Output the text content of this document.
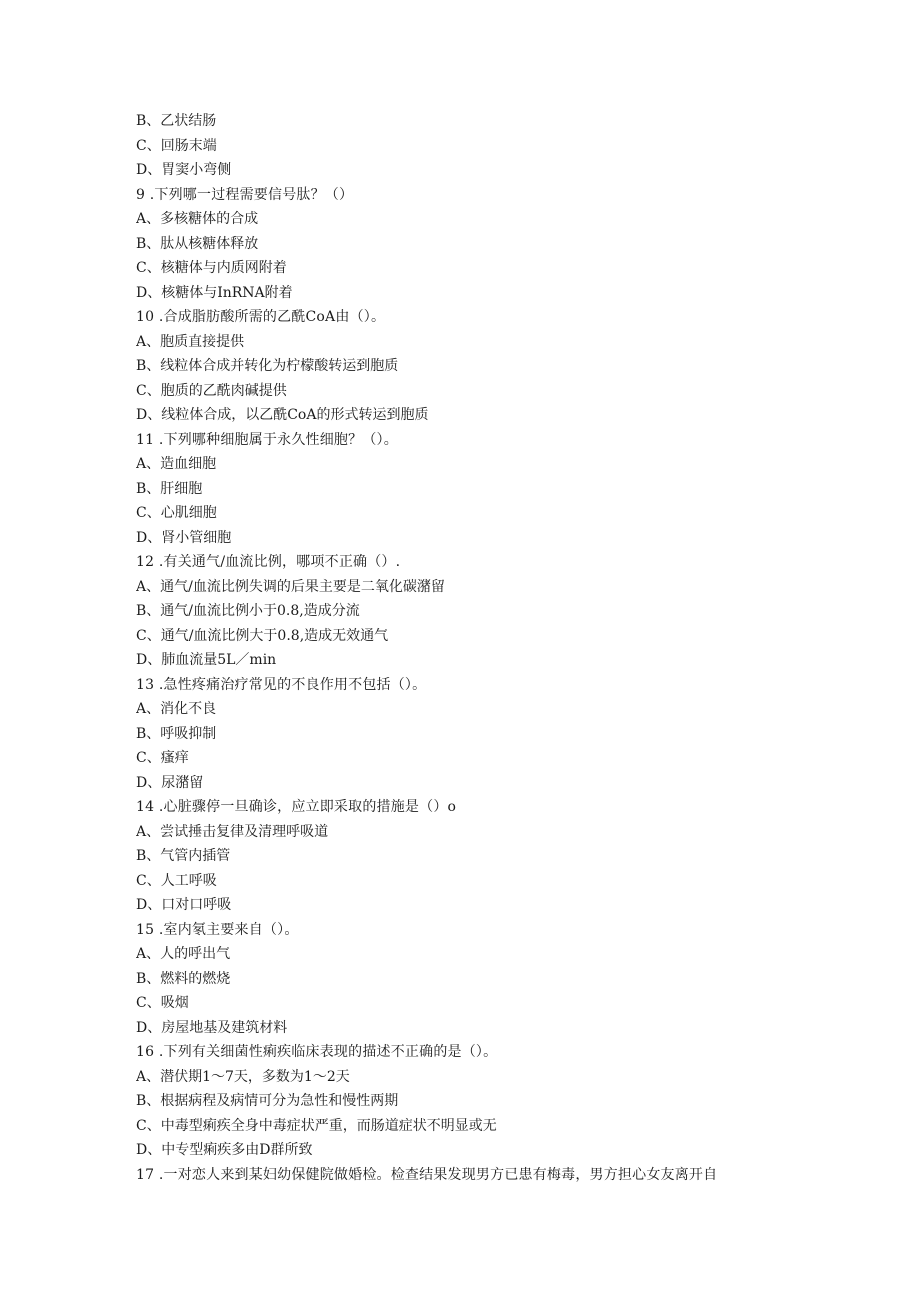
B、乙状结肠
C、回肠末端
D、胃窦小弯侧
9 .下列哪一过程需要信号肽？（）
A、多核糖体的合成
B、肽从核糖体释放
C、核糖体与内质网附着
D、核糖体与InRNA附着
10 .合成脂肪酸所需的乙酰CoA由（）。
A、胞质直接提供
B、线粒体合成并转化为柠檬酸转运到胞质
C、胞质的乙酰肉碱提供
D、线粒体合成，以乙酰CoA的形式转运到胞质
11 .下列哪种细胞属于永久性细胞？（）。
A、造血细胞
B、肝细胞
C、心肌细胞
D、肾小管细胞
12 .有关通气/血流比例，哪项不正确（）.
A、通气/血流比例失调的后果主要是二氧化碳潴留
B、通气/血流比例小于0.8,造成分流
C、通气/血流比例大于0.8,造成无效通气
D、肺血流量5L／min
13 .急性疼痛治疗常见的不良作用不包括（）。
A、消化不良
B、呼吸抑制
C、瘙痒
D、尿潴留
14 .心脏骤停一旦确诊，应立即采取的措施是（）o
A、尝试捶击复律及清理呼吸道
B、气管内插管
C、人工呼吸
D、口对口呼吸
15 .室内氡主要来自（）。
A、人的呼出气
B、燃料的燃烧
C、吸烟
D、房屋地基及建筑材料
16 .下列有关细菌性痢疾临床表现的描述不正确的是（）。
A、潜伏期1～7天，多数为1～2天
B、根据病程及病情可分为急性和慢性两期
C、中毒型痢疾全身中毒症状严重，而肠道症状不明显或无
D、中专型痢疾多由D群所致
17 .一对恋人来到某妇幼保健院做婚检。检查结果发现男方已患有梅毒，男方担心女友离开自
